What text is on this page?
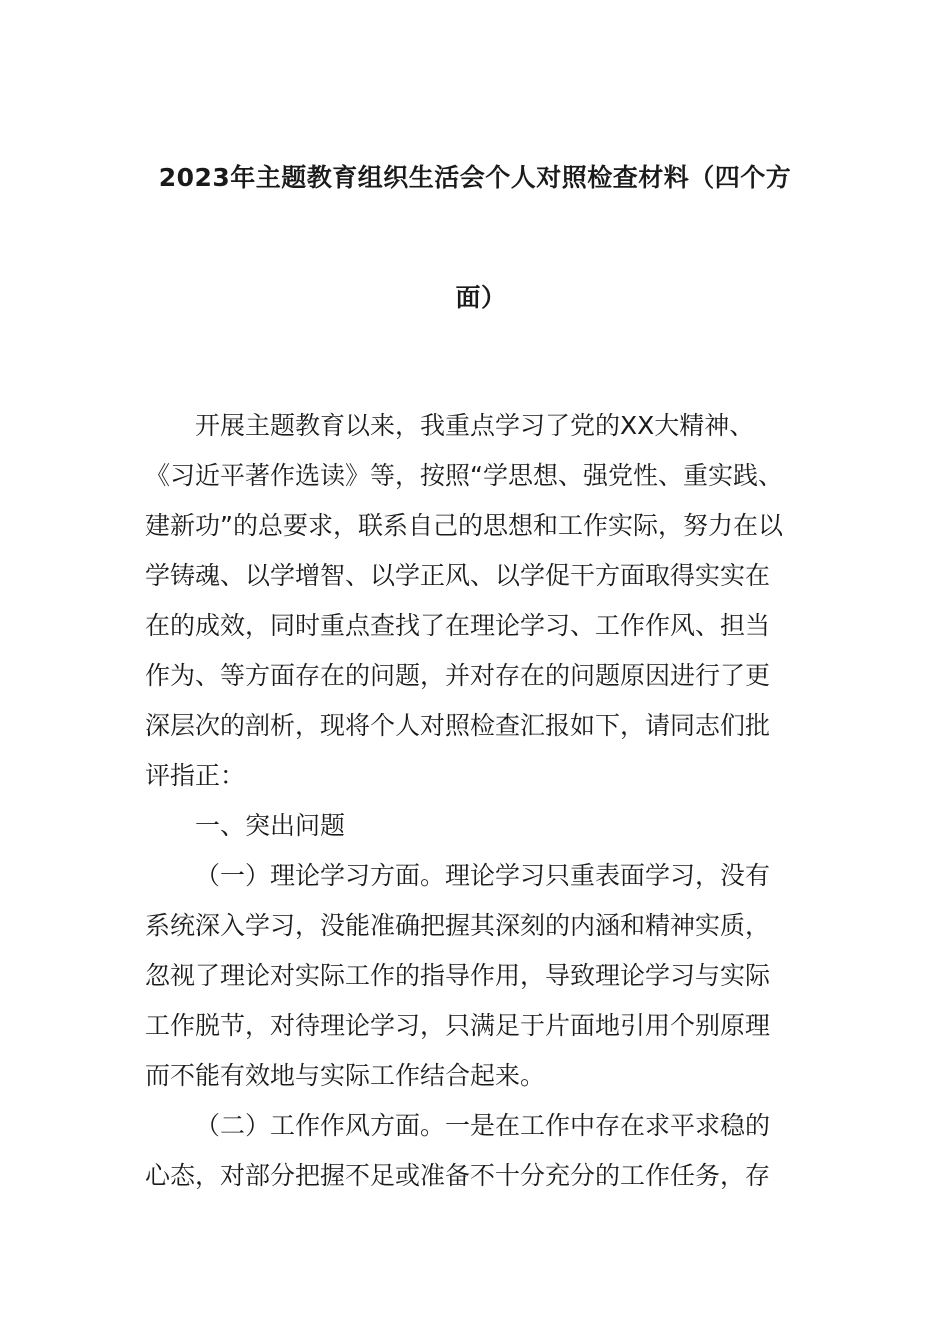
2023年主题教育组织生活会个人对照检查材料（四个方
面）
开展主题教育以来，我重点学习了党的XX大精神、
《习近平著作选读》等，按照“学思想、强党性、重实践、
建新功”的总要求，联系自己的思想和工作实际，努力在以
学铸魂、以学增智、以学正风、以学促干方面取得实实在
在的成效，同时重点查找了在理论学习、工作作风、担当
作为、等方面存在的问题，并对存在的问题原因进行了更
深层次的剖析，现将个人对照检查汇报如下，请同志们批
评指正：
一、突出问题
（一）理论学习方面。理论学习只重表面学习，没有
系统深入学习，没能准确把握其深刻的内涵和精神实质，
忽视了理论对实际工作的指导作用，导致理论学习与实际
工作脱节，对待理论学习，只满足于片面地引用个别原理
而不能有效地与实际工作结合起来。
（二）工作作风方面。一是在工作中存在求平求稳的
心态，对部分把握不足或准备不十分充分的工作任务，存
